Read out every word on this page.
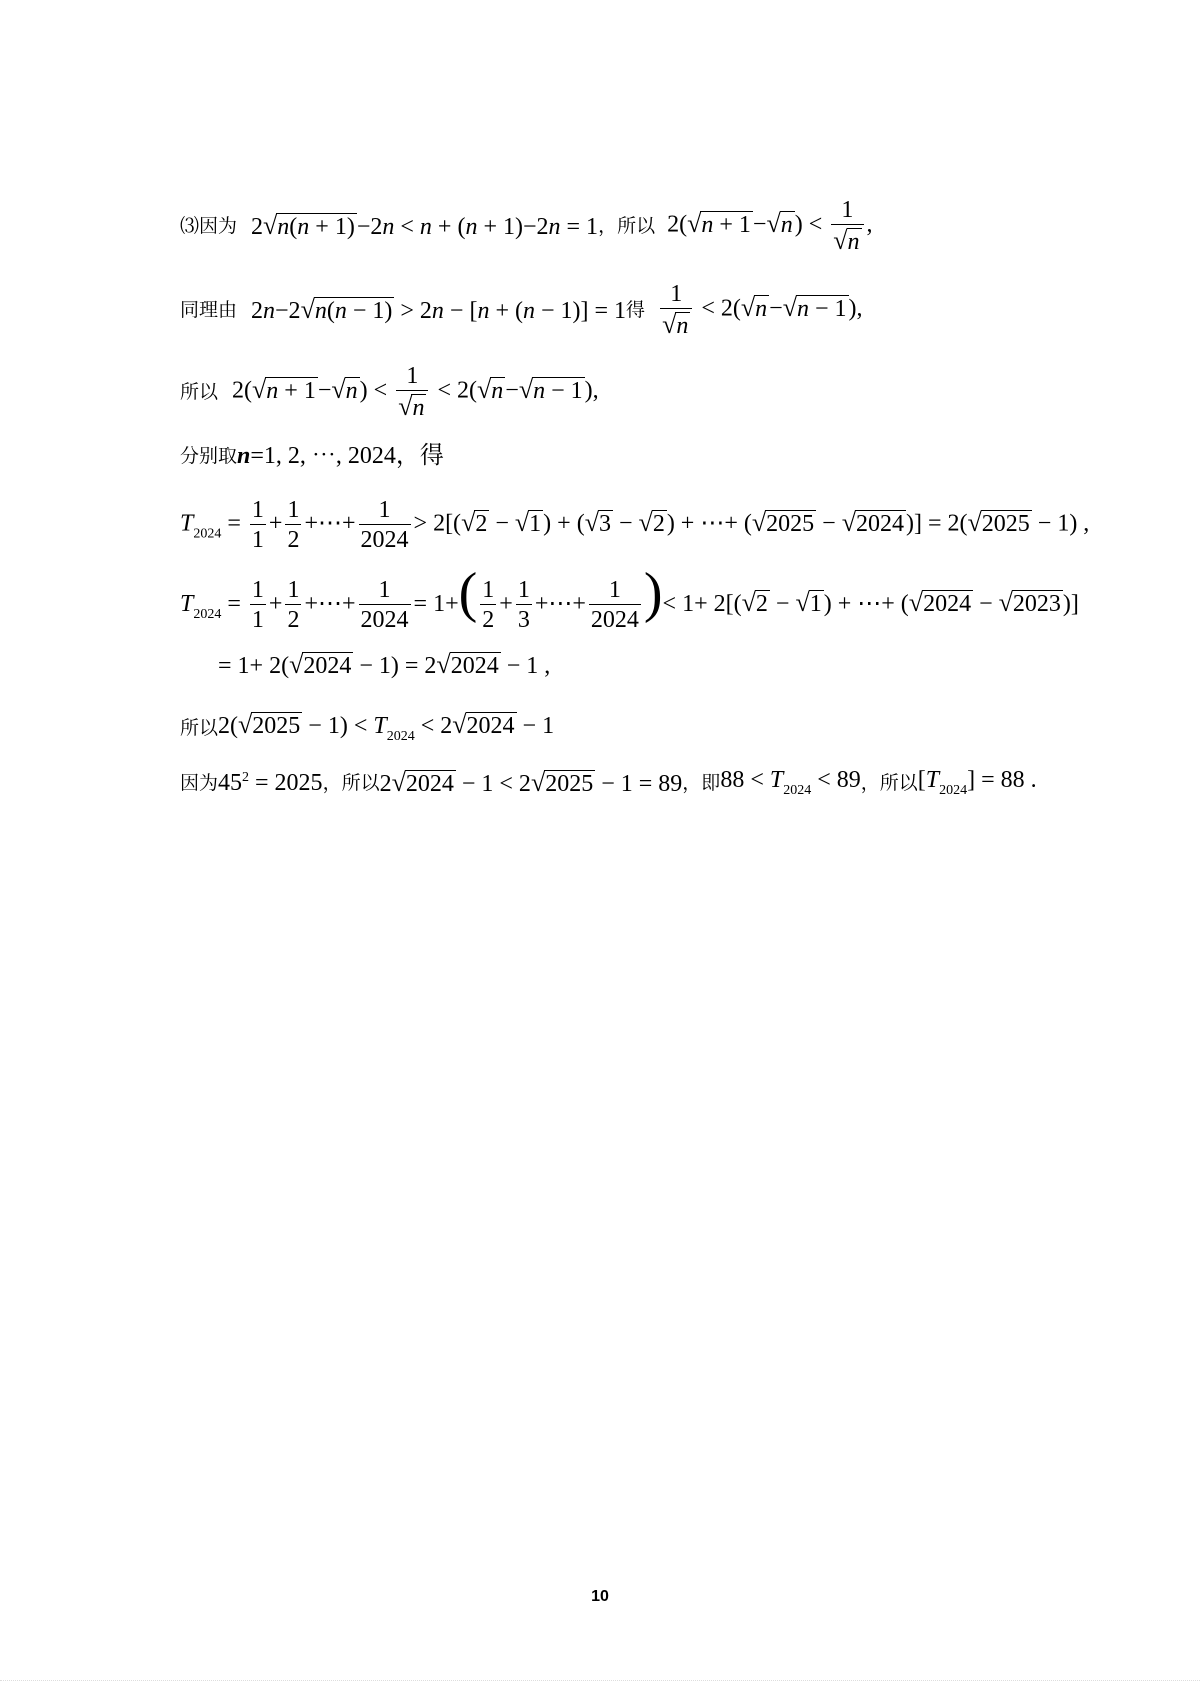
⑶因为 2 √ n(n + 1) −2n < n + (n + 1)−2n = 1 ，所以 2( √ n + 1 − √ n ) < $\frac{1}{√ n}$ ,
同理由 2n−2 √ n(n − 1) > 2n − [n + (n − 1)] = 1 得 $\frac{1}{√ n} < 2$( √ n − √ n − 1 ),
所以 2( √ n + 1 − √ n ) < $\frac{1}{√ n} < 2$( √ n − √ n − 1 ),
分别取 n = 1, 2, ⋯, 2024，得
$T_{2024} = \frac{1}{1} + \frac{1}{2}$ +⋯+ $\frac{1}{2024} > 2$[( √ 2 − √ 1 ) + ( √ 3 − √ 2 ) + ⋯+ ( √ 2025 − √ 2024 )] = 2( √ 2025 − 1) ,
$T_{2024} = \frac{1}{1} + \frac{1}{2}$ +⋯+ $\frac{1}{2024} = 1+( \frac{1}{2} + \frac{1}{3}$ +⋯+ $\frac{1}{2024}$ )< 1+ 2[( √ 2 − √ 1 ) + ⋯+ ( √ 2024 − √ 2023 )]
= 1+ 2( √ 2024 − 1) = 2 √ 2024 − 1 ,
所以 2( √ $2025 - 1) < T_{2024} < 2$ √ 2024 − 1
因为 $45^2 = 2025$ ，所以 2 √ 2024 − 1 < 2 √ 2025 − 1 = 89 ，即 $88 < T_{2024} < 89$ ，所以 $[T_{2024}] = 88$ .
10
